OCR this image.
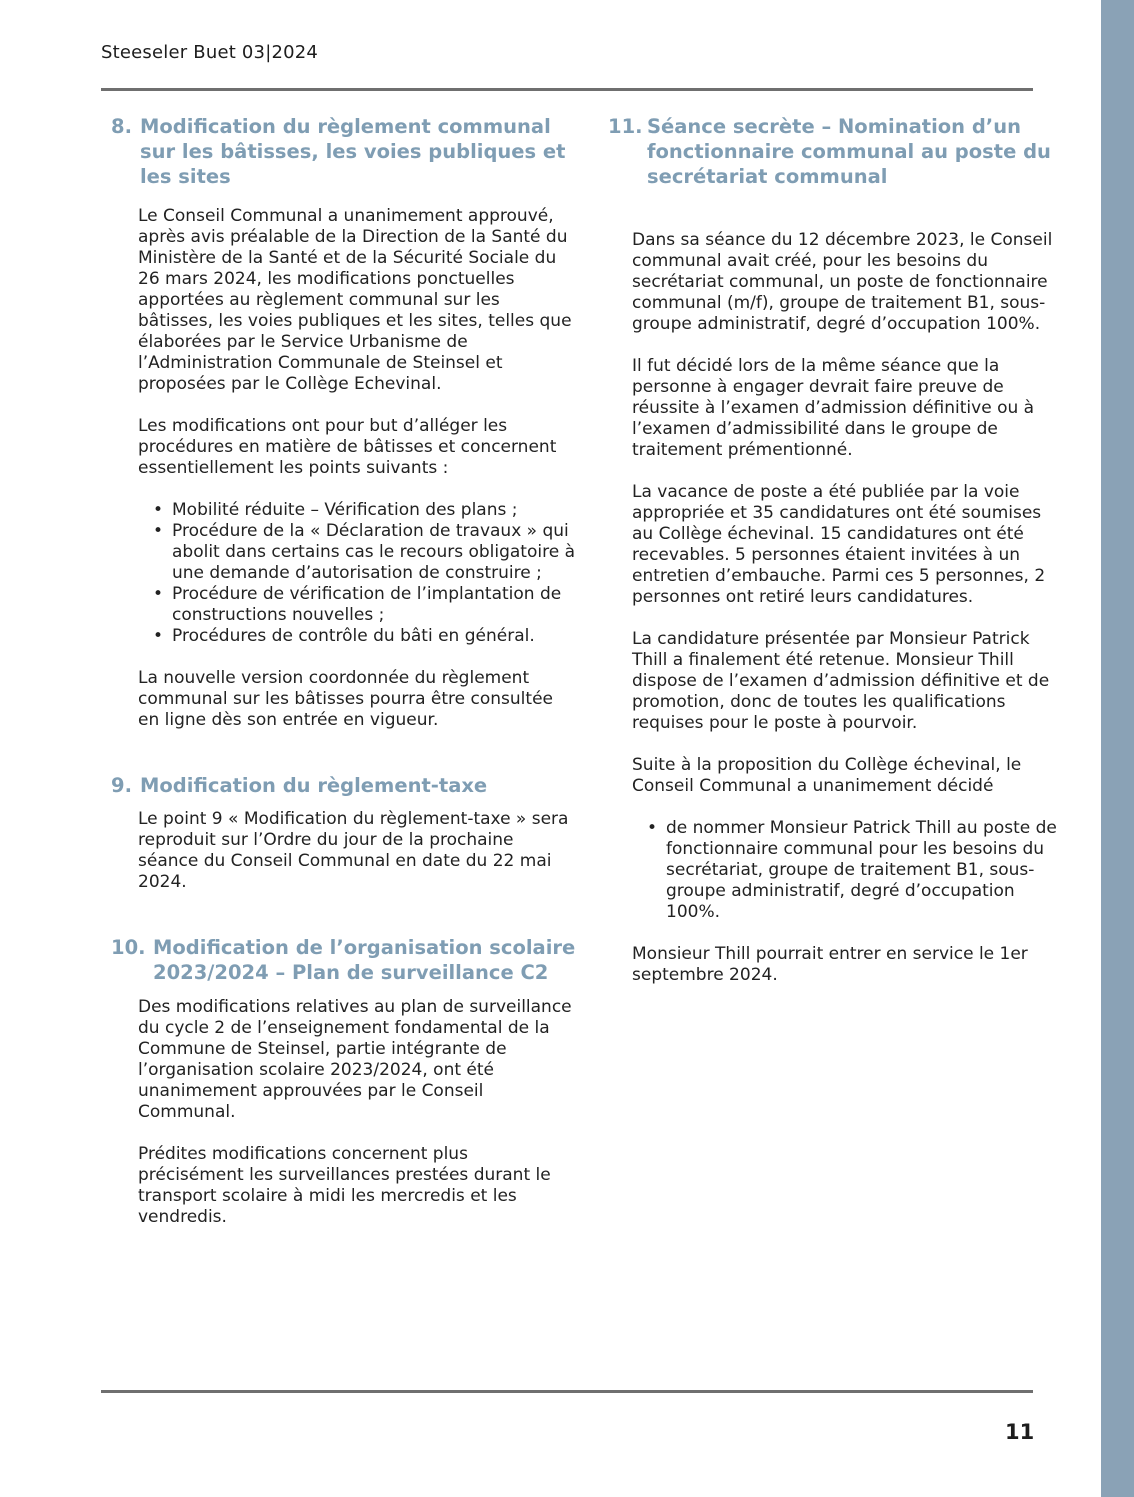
Steeseler Buet 03|2024
8. Modification du règlement communal sur les bâtisses, les voies publiques et les sites

Le Conseil Communal a unanimement approuvé, après avis préalable de la Direction de la Santé du Ministère de la Santé et de la Sécurité Sociale du 26 mars 2024, les modifications ponctuelles apportées au règlement communal sur les bâtisses, les voies publiques et les sites, telles que élaborées par le Service Urbanisme de l’Administration Communale de Steinsel et proposées par le Collège Echevinal.

Les modifications ont pour but d’alléger les procédures en matière de bâtisses et concernent essentiellement les points suivants :

• Mobilité réduite – Vérification des plans ;
• Procédure de la « Déclaration de travaux » qui abolit dans certains cas le recours obligatoire à une demande d’autorisation de construire ;
• Procédure de vérification de l’implantation de constructions nouvelles ;
• Procédures de contrôle du bâti en général.

La nouvelle version coordonnée du règlement communal sur les bâtisses pourra être consultée en ligne dès son entrée en vigueur.

9. Modification du règlement-taxe

Le point 9 « Modification du règlement-taxe » sera reproduit sur l’Ordre du jour de la prochaine séance du Conseil Communal en date du 22 mai 2024.

10. Modification de l’organisation scolaire 2023/2024 – Plan de surveillance C2

Des modifications relatives au plan de surveillance du cycle 2 de l’enseignement fondamental de la Commune de Steinsel, partie intégrante de l’organisation scolaire 2023/2024, ont été unanimement approuvées par le Conseil Communal.

Prédites modifications concernent plus précisément les surveillances prestées durant le transport scolaire à midi les mercredis et les vendredis.

11. Séance secrète – Nomination d’un fonctionnaire communal au poste du secrétariat communal

Dans sa séance du 12 décembre 2023, le Conseil communal avait créé, pour les besoins du secrétariat communal, un poste de fonctionnaire communal (m/f), groupe de traitement B1, sous-groupe administratif, degré d’occupation 100%.

Il fut décidé lors de la même séance que la personne à engager devrait faire preuve de réussite à l’examen d’admission définitive ou à l’examen d’admissibilité dans le groupe de traitement prémentionné.

La vacance de poste a été publiée par la voie appropriée et 35 candidatures ont été soumises au Collège échevinal. 15 candidatures ont été recevables. 5 personnes étaient invitées à un entretien d’embauche. Parmi ces 5 personnes, 2 personnes ont retiré leurs candidatures.

La candidature présentée par Monsieur Patrick Thill a finalement été retenue. Monsieur Thill dispose de l’examen d’admission définitive et de promotion, donc de toutes les qualifications requises pour le poste à pourvoir.

Suite à la proposition du Collège échevinal, le Conseil Communal a unanimement décidé

• de nommer Monsieur Patrick Thill au poste de fonctionnaire communal pour les besoins du secrétariat, groupe de traitement B1, sous-groupe administratif, degré d’occupation 100%.

Monsieur Thill pourrait entrer en service le 1er septembre 2024.

11
